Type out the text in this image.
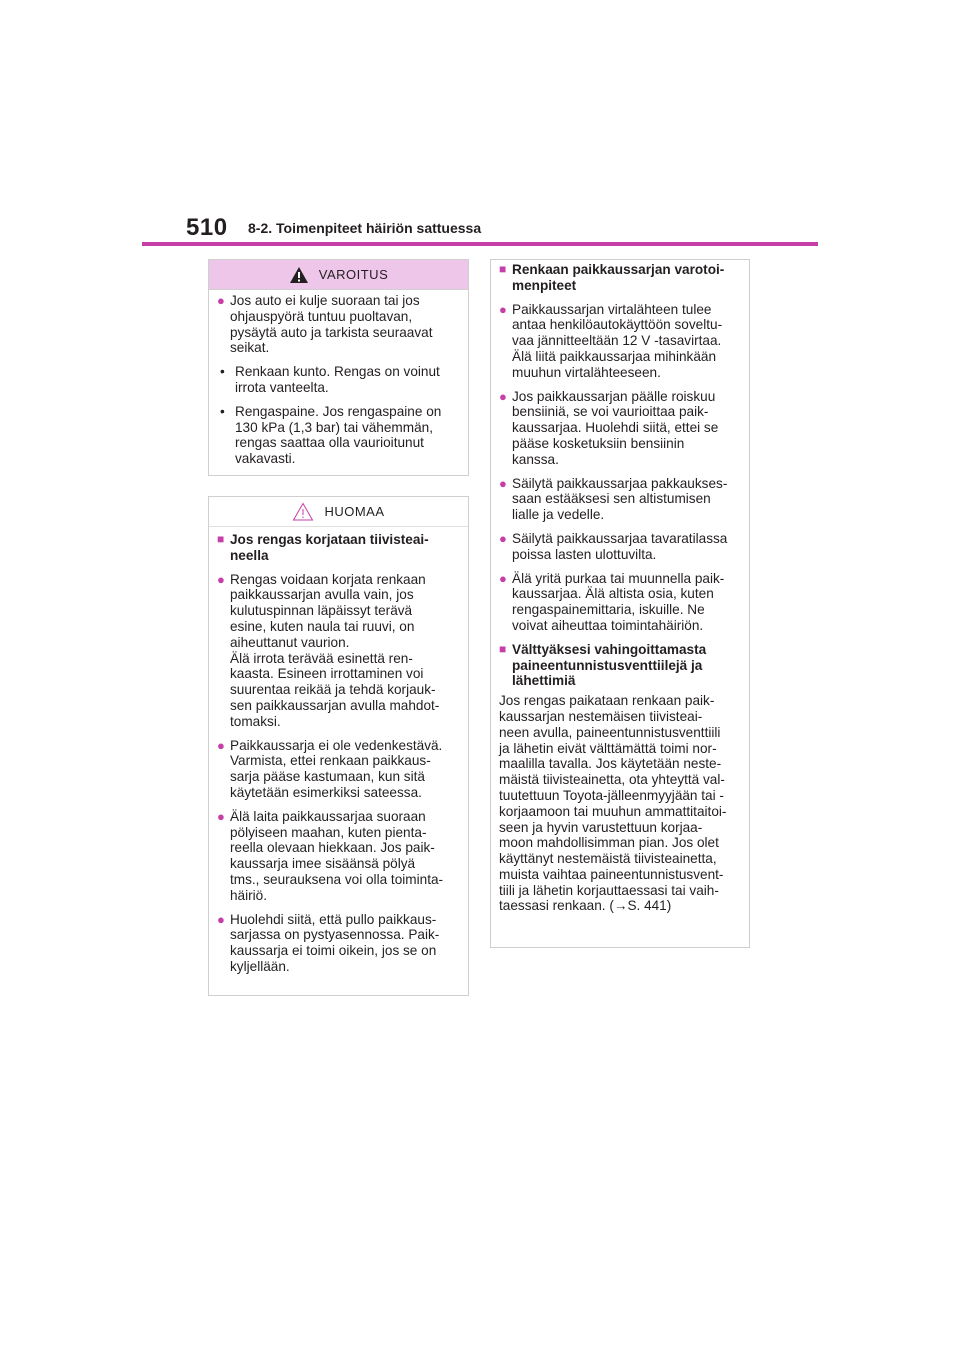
510 8-2. Toimenpiteet häiriön sattuessa
VAROITUS
● Jos auto ei kulje suoraan tai jos
ohjauspyörä tuntuu puoltavan,
pysäytä auto ja tarkista seuraavat
seikat.
• Renkaan kunto. Rengas on voinut
irrota vanteelta.
• Rengaspaine. Jos rengaspaine on
130 kPa (1,3 bar) tai vähemmän,
rengas saattaa olla vaurioitunut
vakavasti.
HUOMAA
■ Jos rengas korjataan tiivisteai-
neella
● Rengas voidaan korjata renkaan
paikkaussarjan avulla vain, jos
kulutuspinnan läpäissyt terävä
esine, kuten naula tai ruuvi, on
aiheuttanut vaurion.
Älä irrota terävää esinettä ren-
kaasta. Esineen irrottaminen voi
suurentaa reikää ja tehdä korjauk-
sen paikkaussarjan avulla mahdot-
tomaksi.
● Paikkaussarja ei ole vedenkestävä.
Varmista, ettei renkaan paikkaus-
sarja pääse kastumaan, kun sitä
käytetään esimerkiksi sateessa.
● Älä laita paikkaussarjaa suoraan
pölyiseen maahan, kuten pienta-
reella olevaan hiekkaan. Jos paik-
kaussarja imee sisäänsä pölyä
tms., seurauksena voi olla toiminta-
häiriö.
● Huolehdi siitä, että pullo paikkaus-
sarjassa on pystyasennossa. Paik-
kaussarja ei toimi oikein, jos se on
kyljellään.
■ Renkaan paikkaussarjan varotoi-
menpiteet
● Paikkaussarjan virtalähteen tulee
antaa henkilöautokäyttöön soveltu-
vaa jännitteeltään 12 V -tasavirtaa.
Älä liitä paikkaussarjaa mihinkään
muuhun virtalähteeseen.
● Jos paikkaussarjan päälle roiskuu
bensiiniä, se voi vaurioittaa paik-
kaussarjaa. Huolehdi siitä, ettei se
pääse kosketuksiin bensiinin
kanssa.
● Säilytä paikkaussarjaa pakkaukses-
saan estääksesi sen altistumisen
lialle ja vedelle.
● Säilytä paikkaussarjaa tavaratilassa
poissa lasten ulottuvilta.
● Älä yritä purkaa tai muunnella paik-
kaussarjaa. Älä altista osia, kuten
rengaspainemittaria, iskuille. Ne
voivat aiheuttaa toimintahäiriön.
■ Välttyäksesi vahingoittamasta
paineentunnistusventtiilejä ja
lähettimiä
Jos rengas paikataan renkaan paik-
kaussarjan nestemäisen tiivisteai-
neen avulla, paineentunnistusventtiili
ja lähetin eivät välttämättä toimi nor-
maalilla tavalla. Jos käytetään neste-
mäistä tiivisteainetta, ota yhteyttä val-
tuutettuun Toyota-jälleenmyyjään tai -
korjaamoon tai muuhun ammattitaitoi-
seen ja hyvin varustettuun korjaa-
moon mahdollisimman pian. Jos olet
käyttänyt nestemäistä tiivisteainetta,
muista vaihtaa paineentunnistusvent-
tiili ja lähetin korjauttaessasi tai vaih-
taessasi renkaan. (→S. 441)
